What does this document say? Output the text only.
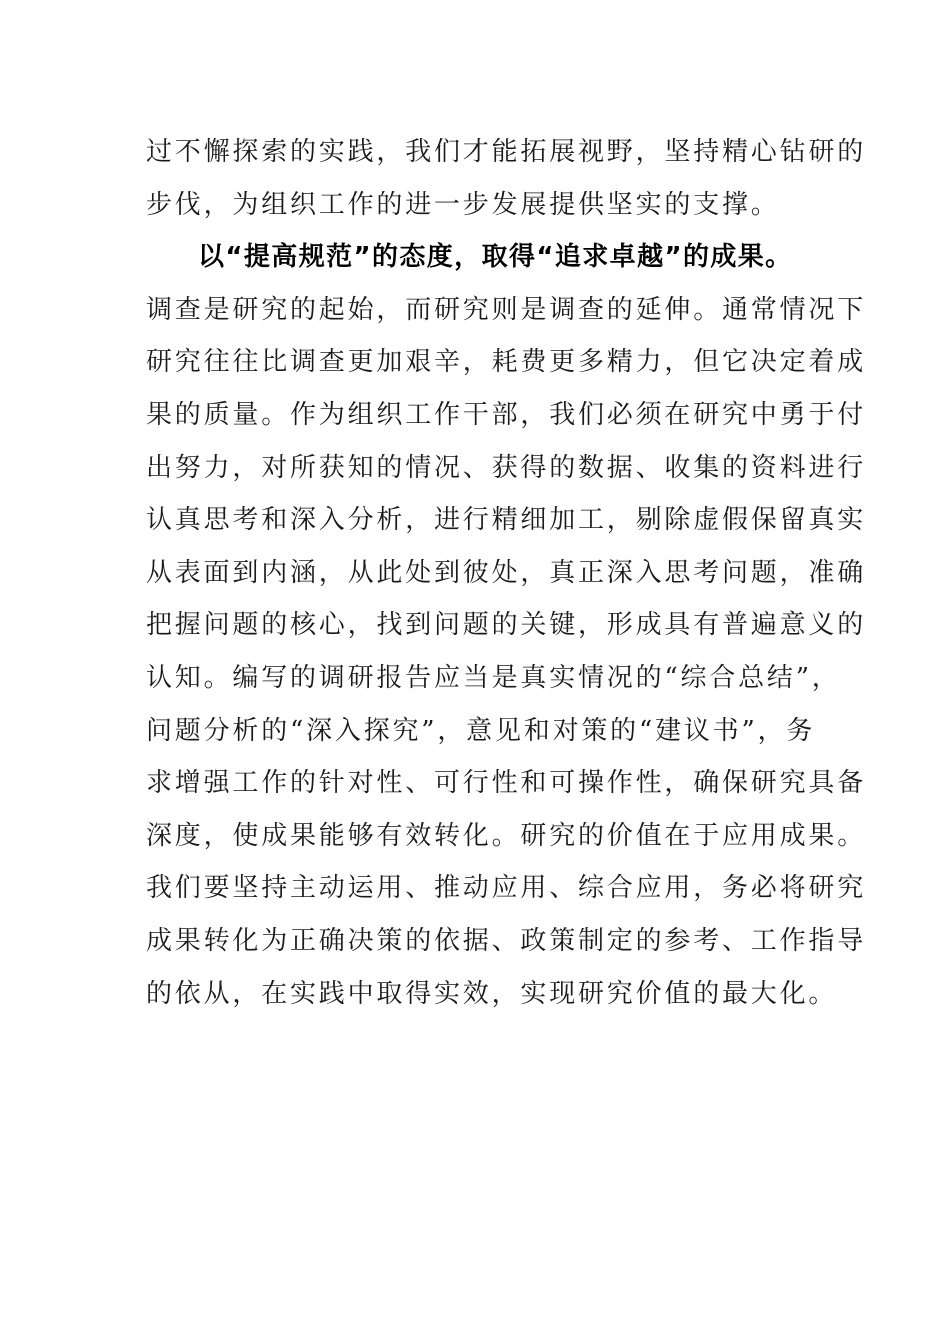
过不懈探索的实践，我们才能拓展视野，坚持精心钻研的
步伐，为组织工作的进一步发展提供坚实的支撑。
以“提高规范”的态度，取得“追求卓越”的成果。
调查是研究的起始，而研究则是调查的延伸。通常情况下
研究往往比调查更加艰辛，耗费更多精力，但它决定着成
果的质量。作为组织工作干部，我们必须在研究中勇于付
出努力，对所获知的情况、获得的数据、收集的资料进行
认真思考和深入分析，进行精细加工，剔除虚假保留真实
从表面到内涵，从此处到彼处，真正深入思考问题，准确
把握问题的核心，找到问题的关键，形成具有普遍意义的
认知。编写的调研报告应当是真实情况的“综合总结”，
问题分析的“深入探究”，意见和对策的“建议书”，务
求增强工作的针对性、可行性和可操作性，确保研究具备
深度，使成果能够有效转化。研究的价值在于应用成果。
我们要坚持主动运用、推动应用、综合应用，务必将研究
成果转化为正确决策的依据、政策制定的参考、工作指导
的依从，在实践中取得实效，实现研究价值的最大化。
